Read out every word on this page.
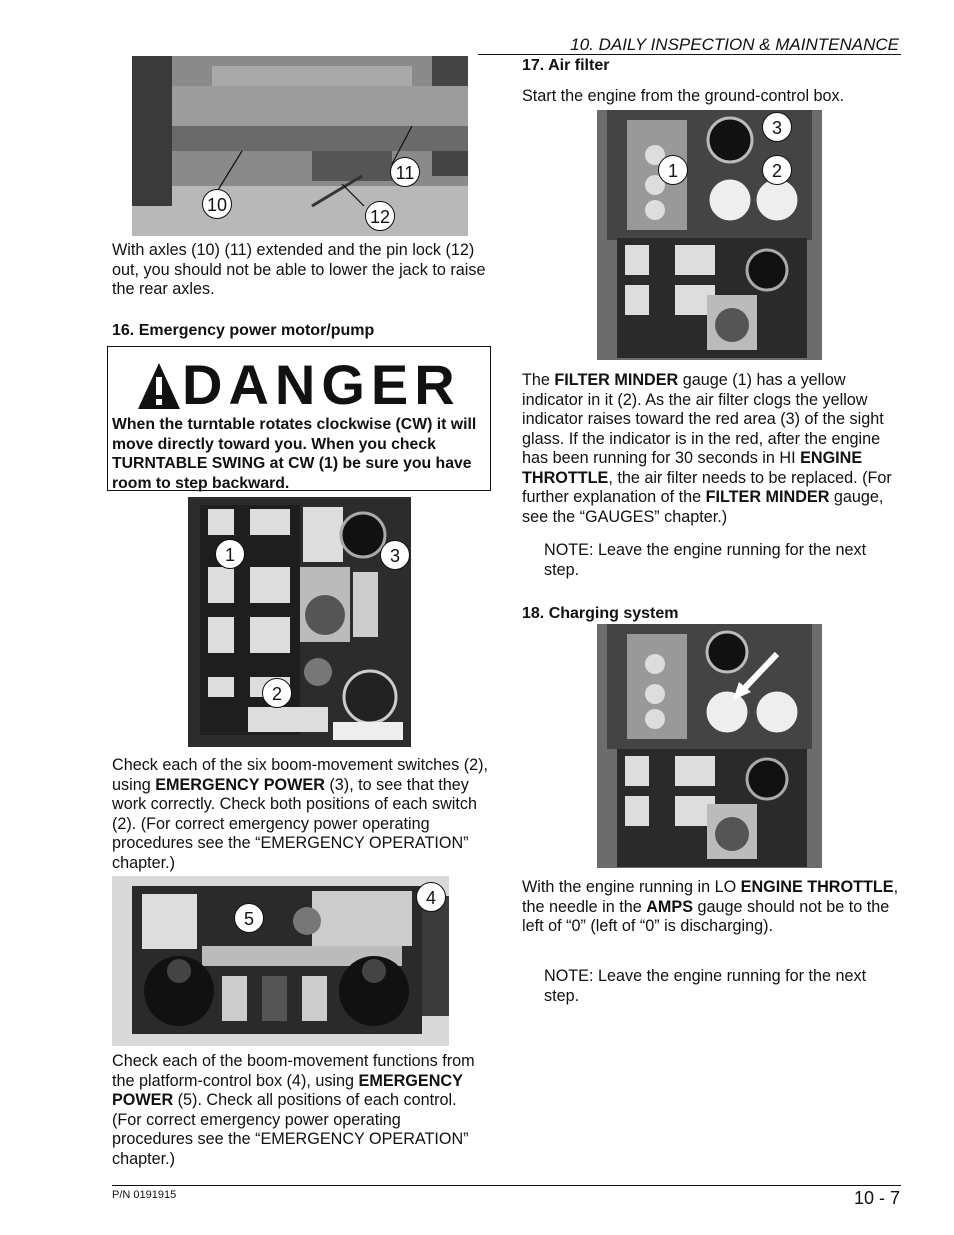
10. DAILY INSPECTION & MAINTENANCE
10
11
12
With axles (10) (11) extended and the pin lock (12) out, you should not be able to lower the jack to raise the rear axles.
16. Emergency power motor/pump
DANGER
When the turntable rotates clockwise (CW) it will move directly toward you. When you check TURNTABLE SWING at CW (1) be sure you have room to step backward.
1	3
2
Check each of the six boom-movement switches (2), using EMERGENCY POWER (3), to see that they work correctly. Check both positions of each switch (2). (For correct emergency power operating procedures see the “EMERGENCY OPERATION” chapter.)
4
5
Check each of the boom-movement functions from the platform-control box (4), using EMERGENCY POWER (5). Check all positions of each control. (For correct emergency power operating procedures see the “EMERGENCY OPERATION” chapter.)
17. Air filter
Start the engine from the ground-control box.
3
1	2
The FILTER MINDER gauge (1) has a yellow indicator in it (2). As the air filter clogs the yellow indicator raises toward the red area (3) of the sight glass. If the indicator is in the red, after the engine has been running for 30 seconds in HI ENGINE THROTTLE, the air filter needs to be replaced. (For further explanation of the FILTER MINDER gauge, see the “GAUGES” chapter.)
NOTE: Leave the engine running for the next step.
18. Charging system
With the engine running in LO ENGINE THROTTLE, the needle in the AMPS gauge should not be to the left of “0” (left of “0” is discharging).
NOTE: Leave the engine running for the next step.
P/N 0191915	10 - 7
